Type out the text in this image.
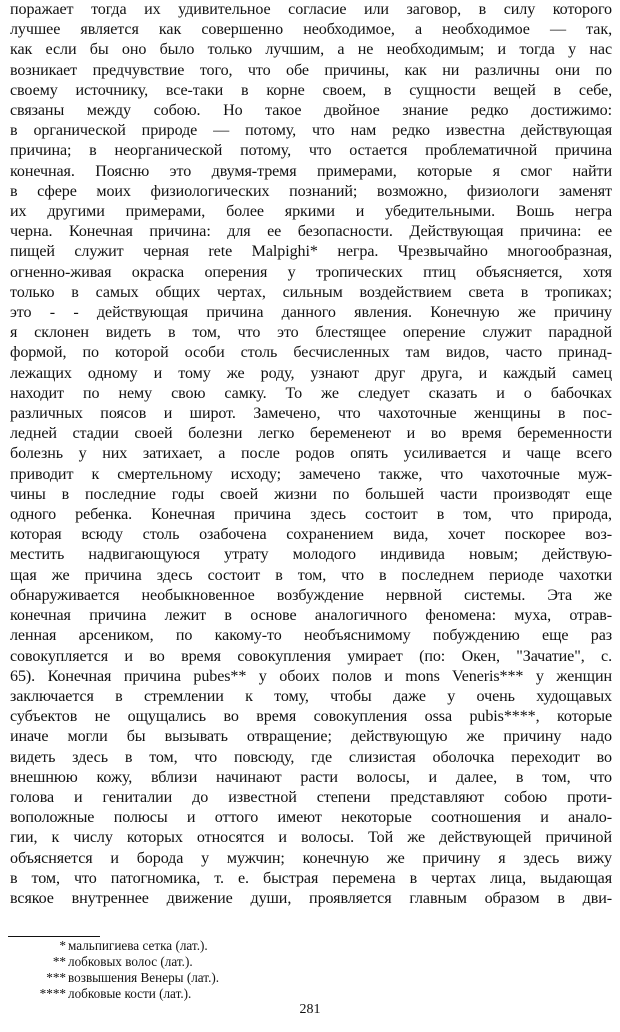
поражает тогда их удивительное согласие или заговор, в силу которого
лучшее является как совершенно необходимое, а необходимое — так,
как если бы оно было только лучшим, а не необходимым; и тогда у нас
возникает предчувствие того, что обе причины, как ни различны они по
своему источнику, все-таки в корне своем, в сущности вещей в себе,
связаны между собою. Но такое двойное знание редко достижимо:
в органической природе — потому, что нам редко известна действующая
причина; в неорганической потому, что остается проблематичной причина
конечная. Поясню это двумя-тремя примерами, которые я смог найти
в сфере моих физиологических познаний; возможно, физиологи заменят
их другими примерами, более яркими и убедительными. Вошь негра
черна. Конечная причина: для ее безопасности. Действующая причина: ее
пищей служит черная rete Malpighi* негра. Чрезвычайно многообразная,
огненно-живая окраска оперения у тропических птиц объясняется, хотя
только в самых общих чертах, сильным воздействием света в тропиках;
это - - действующая причина данного явления. Конечную же причину
я склонен видеть в том, что это блестящее оперение служит парадной
формой, по которой особи столь бесчисленных там видов, часто принад-
лежащих одному и тому же роду, узнают друг друга, и каждый самец
находит по нему свою самку. То же следует сказать и о бабочках
различных поясов и широт. Замечено, что чахоточные женщины в пос-
ледней стадии своей болезни легко беременеют и во время беременности
болезнь у них затихает, а после родов опять усиливается и чаще всего
приводит к смертельному исходу; замечено также, что чахоточные муж-
чины в последние годы своей жизни по большей части производят еще
одного ребенка. Конечная причина здесь состоит в том, что природа,
которая всюду столь озабочена сохранением вида, хочет поскорее воз-
местить надвигающуюся утрату молодого индивида новым; действую-
щая же причина здесь состоит в том, что в последнем периоде чахотки
обнаруживается необыкновенное возбуждение нервной системы. Эта же
конечная причина лежит в основе аналогичного феномена: муха, отрав-
ленная арсеником, по какому-то необъяснимому побуждению еще раз
совокупляется и во время совокупления умирает (по: Окен, "Зачатие", с.
65). Конечная причина pubes** у обоих полов и mons Veneris*** у женщин
заключается в стремлении к тому, чтобы даже у очень худощавых
субъектов не ощущались во время совокупления ossa pubis****, которые
иначе могли бы вызывать отвращение; действующую же причину надо
видеть здесь в том, что повсюду, где слизистая оболочка переходит во
внешнюю кожу, вблизи начинают расти волосы, и далее, в том, что
голова и гениталии до известной степени представляют собою проти-
воположные полюсы и оттого имеют некоторые соотношения и анало-
гии, к числу которых относятся и волосы. Той же действующей причиной
объясняется и борода у мужчин; конечную же причину я здесь вижу
в том, что патогномика, т. е. быстрая перемена в чертах лица, выдающая
всякое внутреннее движение души, проявляется главным образом в дви-
* мальпигиева сетка (лат.).
** лобковых волос (лат.).
*** возвышения Венеры (лат.).
**** лобковые кости (лат.).
281
